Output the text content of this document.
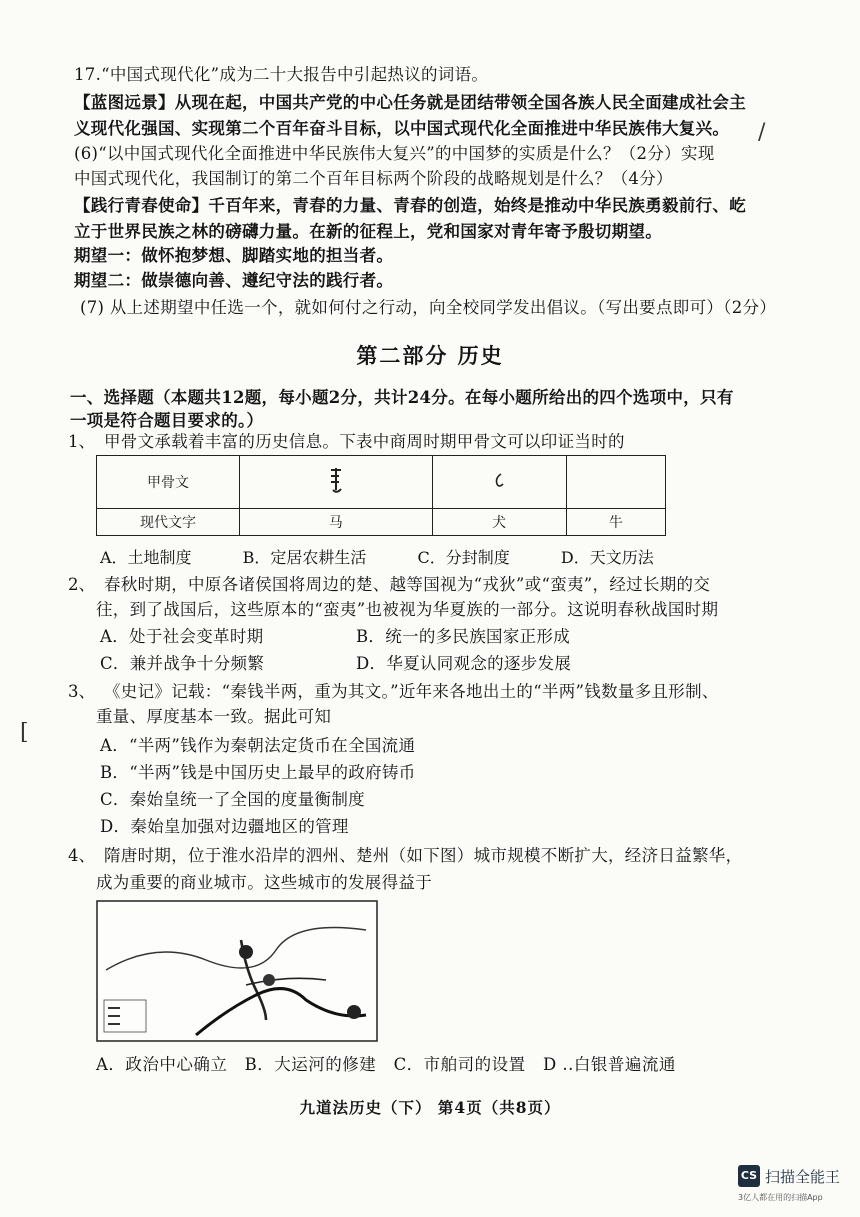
17.“中国式现代化”成为二十大报告中引起热议的词语。
【蓝图远景】从现在起，中国共产党的中心任务就是团结带领全国各族人民全面建成社会主
义现代化强国、实现第二个百年奋斗目标，以中国式现代化全面推进中华民族伟大复兴。
(6)“以中国式现代化全面推进中华民族伟大复兴”的中国梦的实质是什么？（2分）实现
中国式现代化，我国制订的第二个百年目标两个阶段的战略规划是什么？（4分）
【践行青春使命】千百年来，青春的力量、青春的创造，始终是推动中华民族勇毅前行、屹
立于世界民族之林的磅礴力量。在新的征程上，党和国家对青年寄予殷切期望。
期望一：做怀抱梦想、脚踏实地的担当者。
期望二：做崇德向善、遵纪守法的践行者。
(7) 从上述期望中任选一个，就如何付之行动，向全校同学发出倡议。（写出要点即可）（2分）
第二部分 历史
一、选择题（本题共12题，每小题2分，共计24分。在每小题所给出的四个选项中，只有
一项是符合题目要求的。）
1、 甲骨文承载着丰富的历史信息。下表中商周时期甲骨文可以印证当时的
甲骨文			
现代文字	马	犬	牛
A．土地制度	B．定居农耕生活	C．分封制度	D．天文历法
2、 春秋时期，中原各诸侯国将周边的楚、越等国视为“戎狄”或“蛮夷”，经过长期的交
往，到了战国后，这些原本的“蛮夷”也被视为华夏族的一部分。这说明春秋战国时期
A．处于社会变革时期	B．统一的多民族国家正形成
C．兼并战争十分频繁	D．华夏认同观念的逐步发展
3、 《史记》记载：“秦钱半两，重为其文。”近年来各地出土的“半两”钱数量多且形制、
重量、厚度基本一致。据此可知
A．“半两”钱作为秦朝法定货币在全国流通
B．“半两”钱是中国历史上最早的政府铸币
C．秦始皇统一了全国的度量衡制度
D．秦始皇加强对边疆地区的管理
4、 隋唐时期，位于淮水沿岸的泗州、楚州（如下图）城市规模不断扩大，经济日益繁华，
成为重要的商业城市。这些城市的发展得益于
A．政治中心确立 B．大运河的修建 C．市舶司的设置 D ..白银普遍流通
九道法历史（下） 第4页（共8页）
/
[
CS 扫描全能王
3亿人都在用的扫描App
